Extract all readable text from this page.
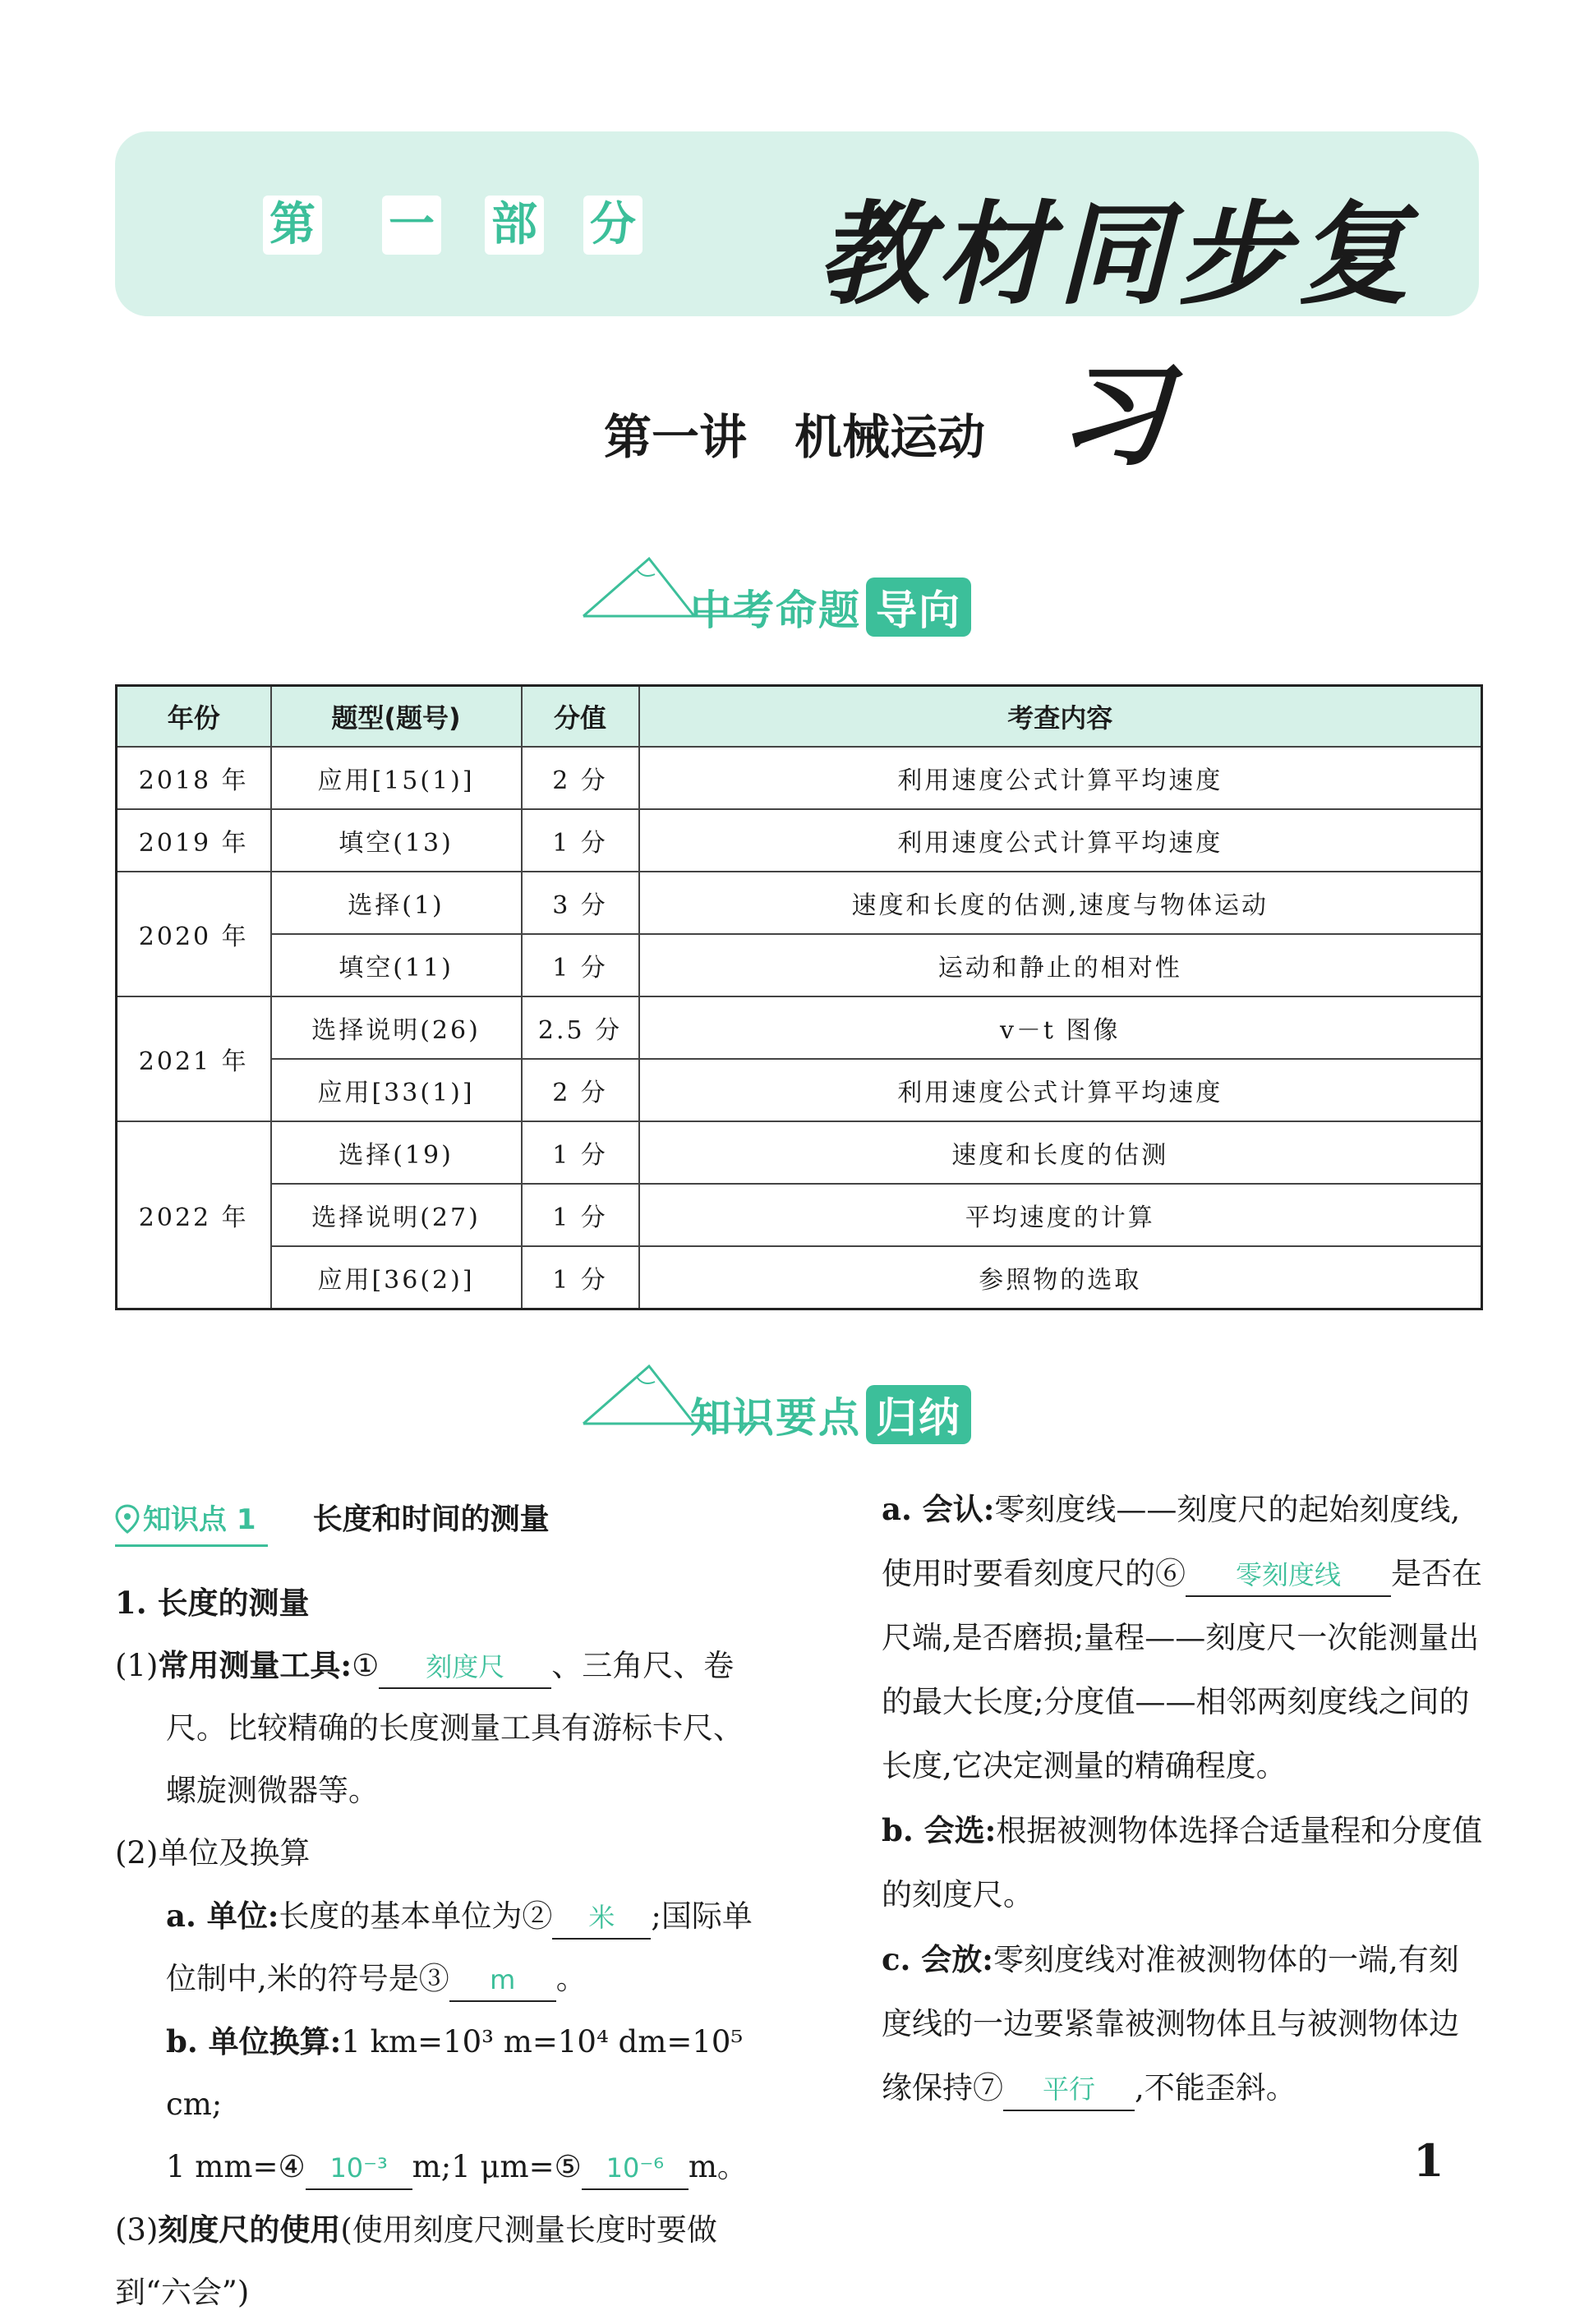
第 一 部 分	教材同步复习
第一讲　机械运动
中考命题 导向
年份	题型(题号)	分值	考查内容
2018 年	应用[15(1)]	2 分	利用速度公式计算平均速度
2019 年	填空(13)	1 分	利用速度公式计算平均速度
2020 年	选择(1)	3 分	速度和长度的估测,速度与物体运动
	填空(11)	1 分	运动和静止的相对性
2021 年	选择说明(26)	2.5 分	v－t 图像
	应用[33(1)]	2 分	利用速度公式计算平均速度
2022 年	选择(19)	1 分	速度和长度的估测
	选择说明(27)	1 分	平均速度的计算
	应用[36(2)]	1 分	参照物的选取
知识要点 归纳
知识点 1 长度和时间的测量

1. 长度的测量

(1)常用测量工具:① 刻度尺 、三角尺、卷

尺。比较精确的长度测量工具有游标卡尺、螺旋测微器等。

(2)单位及换算

a. 单位:长度的基本单位为② 米 ;国际单位制中,米的符号是③ m 。

b. 单位换算:1 km=10³ m=10⁴ dm=10⁵ cm;
1 mm=④ 10⁻³ m;1 μm=⑤ 10⁻⁶ m。

(3)刻度尺的使用(使用刻度尺测量长度时要做到“六会”)

a. 会认:零刻度线——刻度尺的起始刻度线,使用时要看刻度尺的⑥ 零刻度线 是否在尺端,是否磨损;量程——刻度尺一次能测量出的最大长度;分度值——相邻两刻度线之间的长度,它决定测量的精确程度。

b. 会选:根据被测物体选择合适量程和分度值的刻度尺。

c. 会放:零刻度线对准被测物体的一端,有刻度线的一边要紧靠被测物体且与被测物体边缘保持⑦ 平行 ,不能歪斜。

1
